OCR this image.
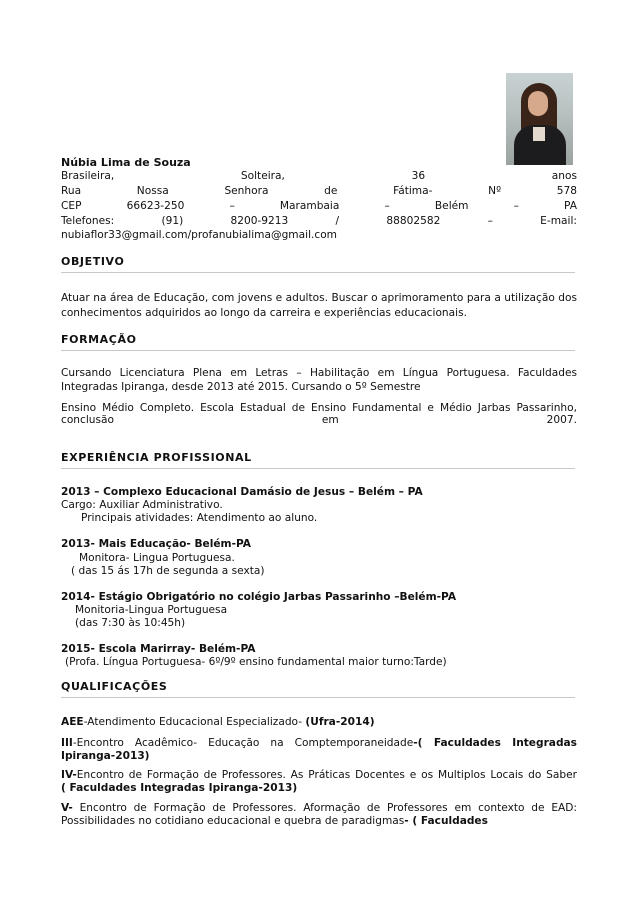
Núbia Lima de Souza
Brasileira,	Solteira,	36	anos
Rua	Nossa	Senhora	de	Fátima-	Nº	578
CEP	66623-250	–	Marambaia	–	Belém	–	PA
Telefones:	(91)	8200-9213	/	88802582	–	E-mail:
nubiaflor33@gmail.com/profanubialima@gmail.com
OBJETIVO
Atuar na área de Educação, com jovens e adultos. Buscar o aprimoramento para a utilização dos conhecimentos adquiridos ao longo da carreira e experiências educacionais.
FORMAÇÃO
Cursando Licenciatura Plena em Letras – Habilitação em Língua Portuguesa. Faculdades Integradas Ipiranga, desde 2013 até 2015. Cursando o 5º Semestre
Ensino Médio Completo. Escola Estadual de Ensino Fundamental e Médio Jarbas Passarinho,
conclusão	em	2007.
EXPERIÊNCIA PROFISSIONAL
2013 – Complexo Educacional Damásio de Jesus – Belém – PA
Cargo: Auxiliar Administrativo.
Principais atividades: Atendimento ao aluno.
2013- Mais Educação- Belém-PA
Monitora- Lingua Portuguesa.
( das 15 ás 17h de segunda a sexta)
2014- Estágio Obrigatório no colégio Jarbas Passarinho –Belém-PA
Monitoria-Lingua Portuguesa
(das 7:30 às 10:45h)
2015- Escola Marirray- Belém-PA
(Profa. Língua Portuguesa- 6º/9º ensino fundamental maior turno:Tarde)
QUALIFICAÇÕES
AEE-Atendimento Educacional Especializado- (Ufra-2014)
III-Encontro Acadêmico- Educação na Comptemporaneidade-( Faculdades Integradas
Ipiranga-2013)
IV-Encontro de Formação de Professores. As Práticas Docentes e os Multiplos Locais do Saber
( Faculdades Integradas Ipiranga-2013)
V- Encontro de Formação de Professores. Aformação de Professores em contexto de EAD:
Possibilidades no cotidiano educacional e quebra de paradigmas- ( Faculdades
